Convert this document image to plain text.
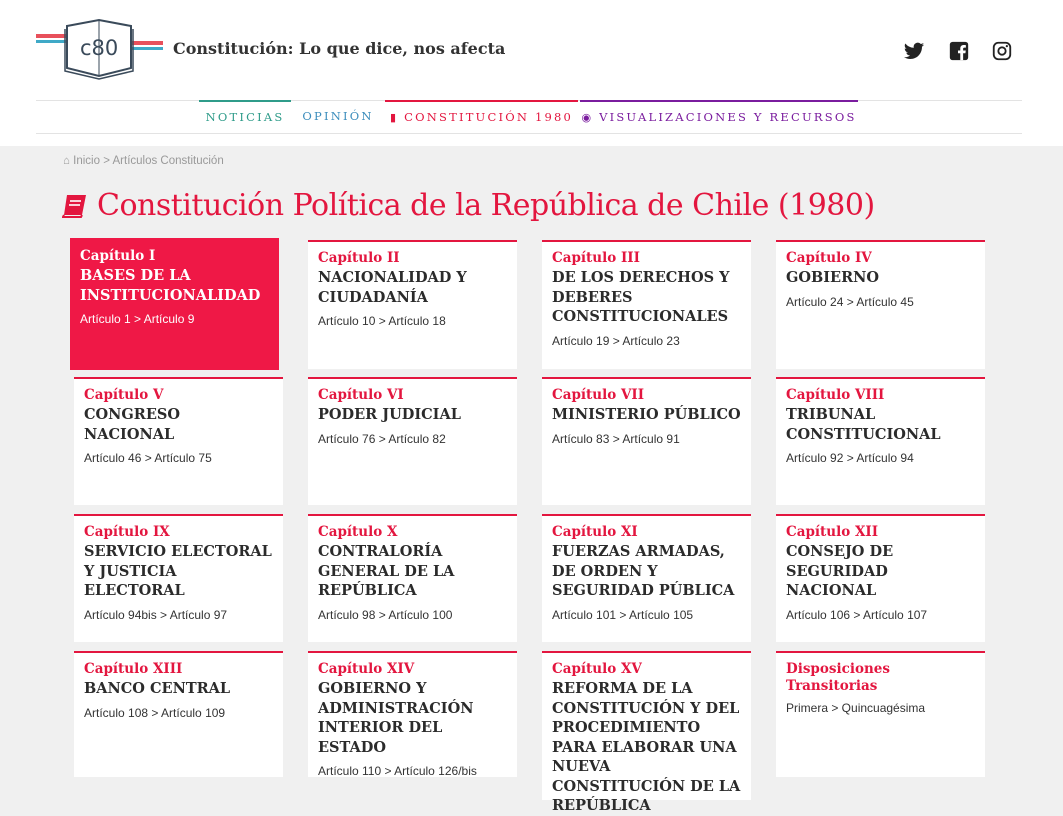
c80	Constitución: Lo que dice, nos afecta
NOTICIAS	OPINIÓN	▮ CONSTITUCIÓN 1980 ◉ VISUALIZACIONES Y RECURSOS
⌂ Inicio > Artículos Constitución
Constitución Política de la República de Chile (1980)
Capítulo I
BASES DE LA INSTITUCIONALIDAD
Artículo 1 > Artículo 9
Capítulo II
NACIONALIDAD Y CIUDADANÍA
Artículo 10 > Artículo 18
Capítulo III
DE LOS DERECHOS Y DEBERES CONSTITUCIONALES
Artículo 19 > Artículo 23
Capítulo IV
GOBIERNO
Artículo 24 > Artículo 45
Capítulo V
CONGRESO NACIONAL
Artículo 46 > Artículo 75
Capítulo VI
PODER JUDICIAL
Artículo 76 > Artículo 82
Capítulo VII
MINISTERIO PÚBLICO
Artículo 83 > Artículo 91
Capítulo VIII
TRIBUNAL CONSTITUCIONAL
Artículo 92 > Artículo 94
Capítulo IX
SERVICIO ELECTORAL Y JUSTICIA ELECTORAL
Artículo 94bis > Artículo 97
Capítulo X
CONTRALORÍA GENERAL DE LA REPÚBLICA
Artículo 98 > Artículo 100
Capítulo XI
FUERZAS ARMADAS, DE ORDEN Y SEGURIDAD PÚBLICA
Artículo 101 > Artículo 105
Capítulo XII
CONSEJO DE SEGURIDAD NACIONAL
Artículo 106 > Artículo 107
Capítulo XIII
BANCO CENTRAL
Artículo 108 > Artículo 109
Capítulo XIV
GOBIERNO Y ADMINISTRACIÓN INTERIOR DEL ESTADO
Artículo 110 > Artículo 126/bis
Capítulo XV
REFORMA DE LA CONSTITUCIÓN Y DEL PROCEDIMIENTO PARA ELABORAR UNA NUEVA CONSTITUCIÓN DE LA REPÚBLICA
Disposiciones Transitorias
Primera > Quincuagésima
